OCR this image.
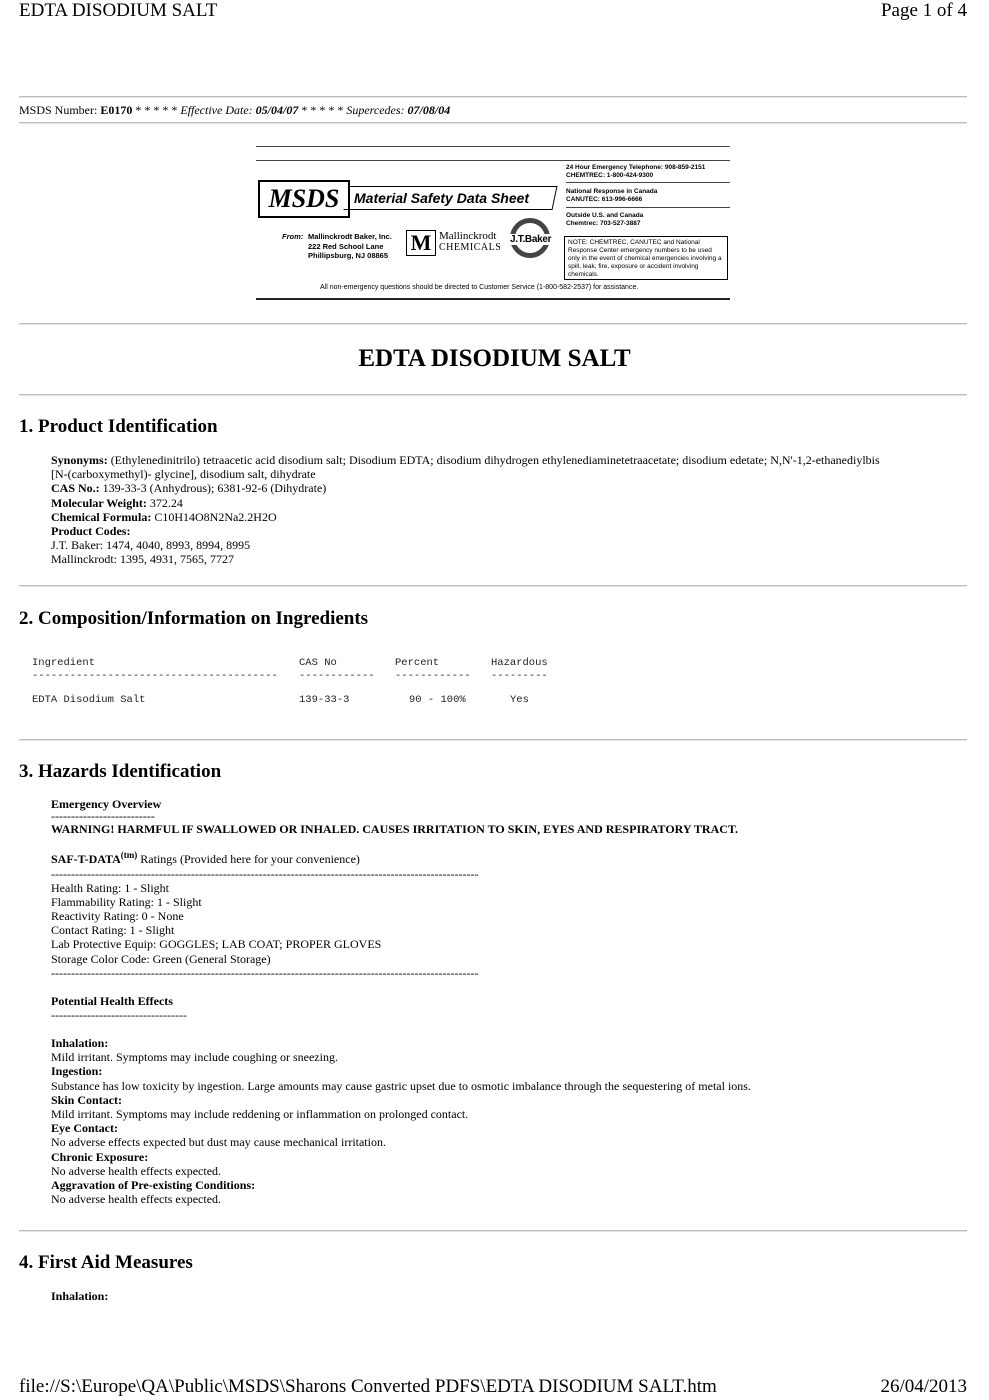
EDTA DISODIUM SALT	Page 1 of 4
MSDS Number: E0170 * * * * * Effective Date: 05/04/07 * * * * * Supercedes: 07/08/04
MSDS	Material Safety Data Sheet
From: Mallinckrodt Baker, Inc.
222 Red School Lane
Phillipsburg, NJ 08865
M Mallinckrodt
CHEMICALS
J.T.Baker
24 Hour Emergency Telephone: 908-859-2151
CHEMTREC: 1-800-424-9300
National Response in Canada
CANUTEC: 613-996-6666
Outside U.S. and Canada
Chemtrec: 703-527-3887
NOTE: CHEMTREC, CANUTEC and National Response Center emergency numbers to be used only in the event of chemical emergencies involving a spill, leak, fire, exposure or accident involving chemicals.
All non-emergency questions should be directed to Customer Service (1-800-582-2537) for assistance.
EDTA DISODIUM SALT
1. Product Identification
Synonyms: (Ethylenedinitrilo) tetraacetic acid disodium salt; Disodium EDTA; disodium dihydrogen ethylenediaminetetraacetate; disodium edetate; N,N'-1,2-ethanediylbis
[N-(carboxymethyl)- glycine], disodium salt, dihydrate
CAS No.: 139-33-3 (Anhydrous); 6381-92-6 (Dihydrate)
Molecular Weight: 372.24
Chemical Formula: C10H14O8N2Na2.2H2O
Product Codes:
J.T. Baker: 1474, 4040, 8993, 8994, 8995
Mallinckrodt: 1395, 4931, 7565, 7727
2. Composition/Information on Ingredients
Ingredient	CAS No	Percent	Hazardous
--------------------------------------- ------------ ------------ ---------
EDTA Disodium Salt	139-33-3	90 - 100%	Yes
3. Hazards Identification
Emergency Overview
--------------------------
WARNING! HARMFUL IF SWALLOWED OR INHALED. CAUSES IRRITATION TO SKIN, EYES AND RESPIRATORY TRACT.
SAF-$T-DATA^{(tm)}$ Ratings (Provided here for your convenience)
-----------------------------------------------------------------------------------------------------------
Health Rating: 1 - Slight
Flammability Rating: 1 - Slight
Reactivity Rating: 0 - None
Contact Rating: 1 - Slight
Lab Protective Equip: GOGGLES; LAB COAT; PROPER GLOVES
Storage Color Code: Green (General Storage)
-----------------------------------------------------------------------------------------------------------
Potential Health Effects
----------------------------------
Inhalation:
Mild irritant. Symptoms may include coughing or sneezing.
Ingestion:
Substance has low toxicity by ingestion. Large amounts may cause gastric upset due to osmotic imbalance through the sequestering of metal ions.
Skin Contact:
Mild irritant. Symptoms may include reddening or inflammation on prolonged contact.
Eye Contact:
No adverse effects expected but dust may cause mechanical irritation.
Chronic Exposure:
No adverse health effects expected.
Aggravation of Pre-existing Conditions:
No adverse health effects expected.
4. First Aid Measures
Inhalation:
file://S:\Europe\QA\Public\MSDS\Sharons Converted PDFS\EDTA DISODIUM SALT.htm	26/04/2013
